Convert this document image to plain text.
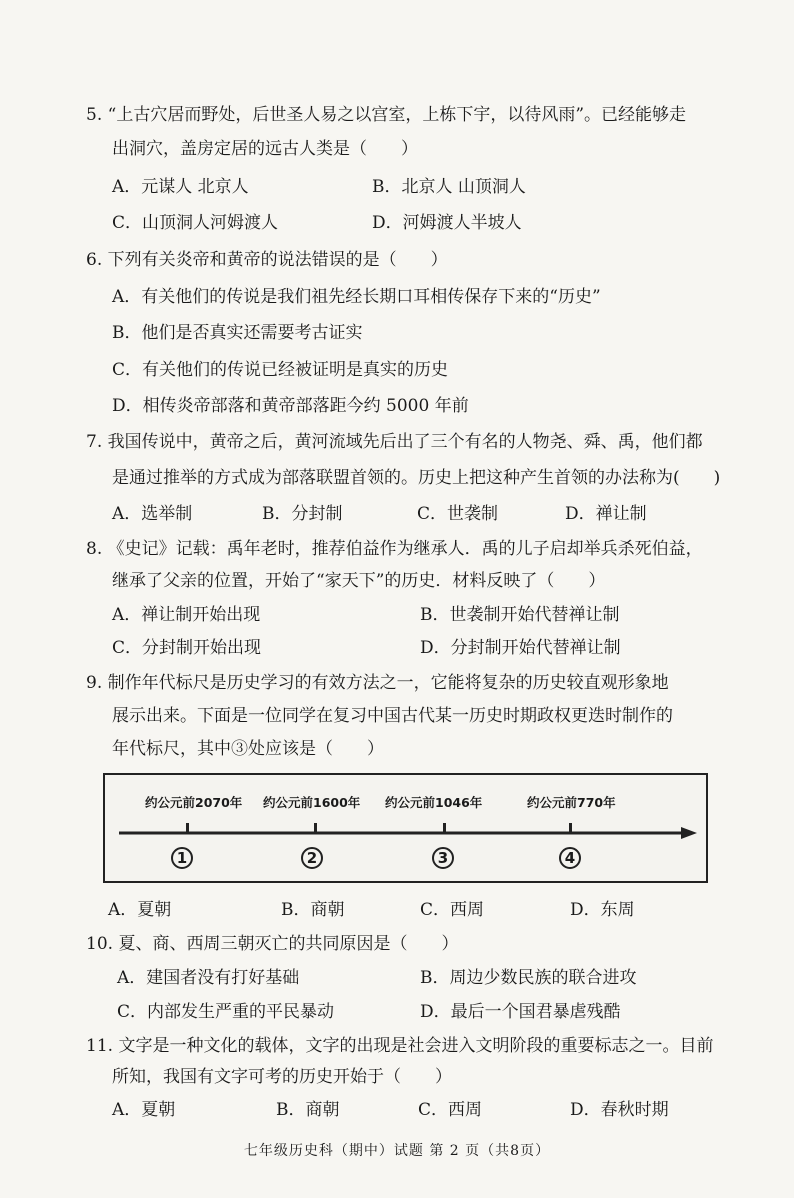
5. “上古穴居而野处，后世圣人易之以宫室，上栋下宇，以待风雨”。已经能够走
出洞穴，盖房定居的远古人类是（　　）
A．元谋人 北京人	B．北京人 山顶洞人
C．山顶洞人河姆渡人	D．河姆渡人半坡人
6. 下列有关炎帝和黄帝的说法错误的是（　　）
A．有关他们的传说是我们祖先经长期口耳相传保存下来的“历史”
B．他们是否真实还需要考古证实
C．有关他们的传说已经被证明是真实的历史
D．相传炎帝部落和黄帝部落距今约 5000 年前
7. 我国传说中，黄帝之后，黄河流域先后出了三个有名的人物尧、舜、禹，他们都
是通过推举的方式成为部落联盟首领的。历史上把这种产生首领的办法称为(　　)
A．选举制	B．分封制	C．世袭制	D．禅让制
8. 《史记》记载：禹年老时，推荐伯益作为继承人．禹的儿子启却举兵杀死伯益，
继承了父亲的位置，开始了“家天下”的历史．材料反映了（　　）
A．禅让制开始出现	B．世袭制开始代替禅让制
C．分封制开始出现	D．分封制开始代替禅让制
9. 制作年代标尺是历史学习的有效方法之一，它能将复杂的历史较直观形象地
展示出来。下面是一位同学在复习中国古代某一历史时期政权更迭时制作的
年代标尺，其中③处应该是（　　）
约公元前2070年 约公元前1600年 约公元前1046年	约公元前770年
1	2	3	4
A．夏朝	B．商朝	C．西周	D．东周
10. 夏、商、西周三朝灭亡的共同原因是（　　）
A．建国者没有打好基础	B．周边少数民族的联合进攻
C．内部发生严重的平民暴动	D．最后一个国君暴虐残酷
11. 文字是一种文化的载体，文字的出现是社会进入文明阶段的重要标志之一。目前
所知，我国有文字可考的历史开始于（　　）
A．夏朝	B．商朝	C．西周	D．春秋时期
七年级历史科（期中）试题 第 2 页（共8页）
